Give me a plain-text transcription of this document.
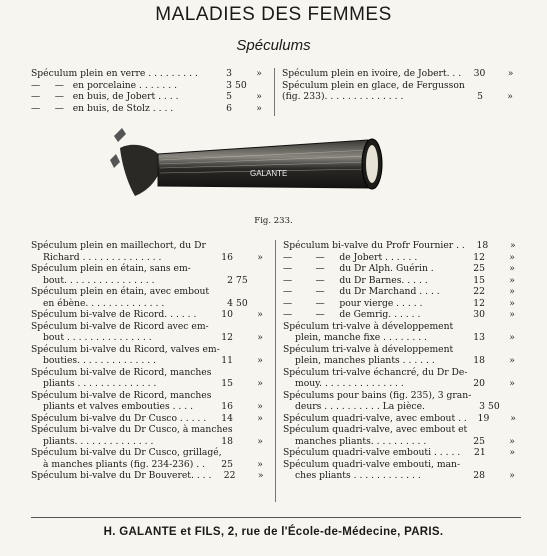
MALADIES DES FEMMES
Spéculums
Spéculum plein en verre . . . . . . . . .	3	»
—     —   en porcelaine . . . . . . .	3 50
—     —   en buis, de Jobert . . . .	5	»
—     —   en buis, de Stolz . . . .	6	»
Spéculum plein en ivoire, de Jobert. . .	30	»
Spéculum plein en glace, de Fergusson
(fig. 233). . . . . . . . . . . . . .	5	»
GALANTE
Fig. 233.
Spéculum plein en maillechort, du Dr
Richard . . . . . . . . . . . . . .	16	»
Spéculum plein en étain, sans em-
bout. . . . . . . . . . . . . . . .	2 75
Spéculum plein en étain, avec embout
en ébène. . . . . . . . . . . . . .	4 50
Spéculum bi-valve de Ricord. . . . . .	10	»
Spéculum bi-valve de Ricord avec em-
bout . . . . . . . . . . . . . . .	12	»
Spéculum bi-valve du Ricord, valves em-
bouties. . . . . . . . . . . . . .	11	»
Spéculum bi-valve de Ricord, manches
pliants . . . . . . . . . . . . . .	15	»
Spéculum bi-valve de Ricord, manches
pliants et valves embouties . . . .	16	»
Spéculum bi-valve du Dr Cusco . . . . .	14	»
Spéculum bi-valve du Dr Cusco, à manches
pliants. . . . . . . . . . . . . .	18	»
Spéculum bi-valve du Dr Cusco, grillagé,
à manches pliants (fig. 234-236) . .	25	»
Spéculum bi-valve du Dr Bouveret. . . .	22	»
Spéculum bi-valve du Profr Fournier . .	18	»
—        —     de Jobert . . . . . .	12	»
—        —     du Dr Alph. Guérin .	25	»
—        —     du Dr Barnes. . . . .	15	»
—        —     du Dr Marchand . . . .	22	»
—        —     pour vierge . . . . .	12	»
—        —     de Gemrig. . . . . .	30	»
Spéculum tri-valve à développement
plein, manche fixe . . . . . . . .	13	»
Spéculum tri-valve à développement
plein, manches pliants . . . . . .	18	»
Spéculum tri-valve échancré, du Dr De-
mouy. . . . . . . . . . . . . . .	20	»
Spéculums pour bains (fig. 235), 3 gran-
deurs . . . . . . . . . . La pièce.	3 50
Spéculum quadri-valve, avec embout . .	19	»
Spéculum quadri-valve, avec embout et
manches pliants. . . . . . . . . .	25	»
Spéculum quadri-valve embouti . . . . .	21	»
Spéculum quadri-valve embouti, man-
ches pliants . . . . . . . . . . . .	28	»
H. GALANTE et FILS, 2, rue de l'École-de-Médecine, PARIS.
